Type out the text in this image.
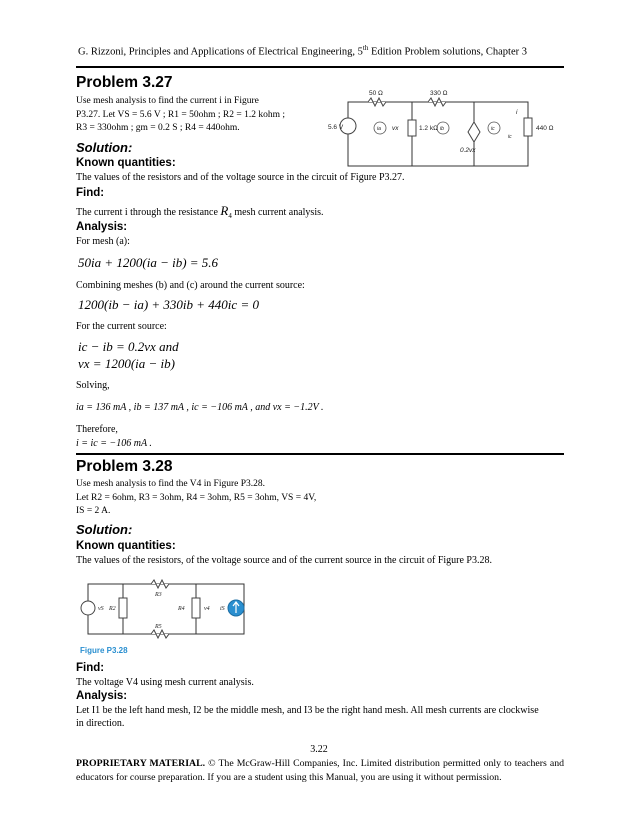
G. Rizzoni, Principles and Applications of Electrical Engineering, 5th Edition Problem solutions, Chapter 3
Problem 3.27
Use mesh analysis to find the current i in Figure
P3.27. Let VS = 5.6 V ; R1 = 50ohm ; R2 = 1.2 kohm ;
R3 = 330ohm ; gm = 0.2 S ; R4 = 440ohm.
50 Ω	330 Ω
5.6 V	1.2 kΩ
vx
0.2vx
440 Ω
i
ia	ib	ic
ic
Solution:
Known quantities:
The values of the resistors and of the voltage source in the circuit of Figure P3.27.
Find:
The current i through the resistance $R_4$ mesh current analysis.
Analysis:
For mesh (a):
50ia + 1200(ia − ib) = 5.6
Combining meshes (b) and (c) around the current source:
1200(ib − ia) + 330ib + 440ic = 0
For the current source:
ic − ib = 0.2vx and
vx = 1200(ia − ib)
Solving,
ia = 136 mA , ib = 137 mA , ic = −106 mA , and vx = −1.2V .
Therefore,
i = ic = −106 mA .
Problem 3.28
Use mesh analysis to find the V4 in Figure P3.28.
Let R2 = 6ohm, R3 = 3ohm, R4 = 3ohm, R5 = 3ohm, VS = 4V,
IS = 2 A.
Solution:
Known quantities:
The values of the resistors, of the voltage source and of the current source in the circuit of Figure P3.28.
vS R2
R3
R5
R4	v4 iS
Figure P3.28
Find:
The voltage V4 using mesh current analysis.
Analysis:
Let I1 be the left hand mesh, I2 be the middle mesh, and I3 be the right hand mesh. All mesh currents are clockwise
in direction.
3.22
PROPRIETARY MATERIAL. © The McGraw-Hill Companies, Inc. Limited distribution permitted only to teachers and educators for course preparation. If you are a student using this Manual, you are using it without permission.
